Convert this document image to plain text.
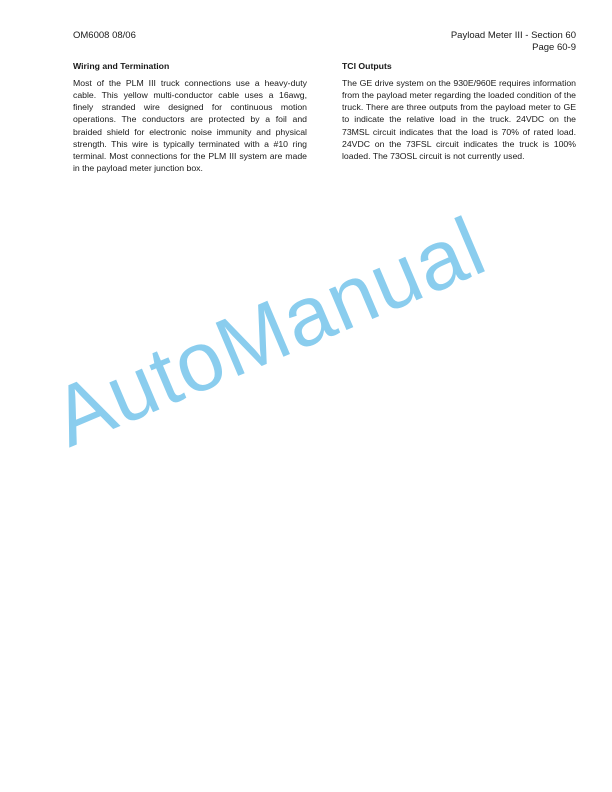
OM6008 08/06	Payload Meter III - Section 60
Page 60-9

Wiring and Termination

Most of the PLM III truck connections use a heavy-duty cable. This yellow multi-conductor cable uses a 16awg, finely stranded wire designed for continuous motion operations. The conductors are protected by a foil and braided shield for electronic noise immunity and physical strength. This wire is typically terminated with a #10 ring terminal. Most connections for the PLM III system are made in the payload meter junction box.

TCI Outputs

The GE drive system on the 930E/960E requires information from the payload meter regarding the loaded condition of the truck. There are three outputs from the payload meter to GE to indicate the relative load in the truck. 24VDC on the 73MSL circuit indicates that the load is 70% of rated load. 24VDC on the 73FSL circuit indicates the truck is 100% loaded. The 73OSL circuit is not currently used.

AutoManual
